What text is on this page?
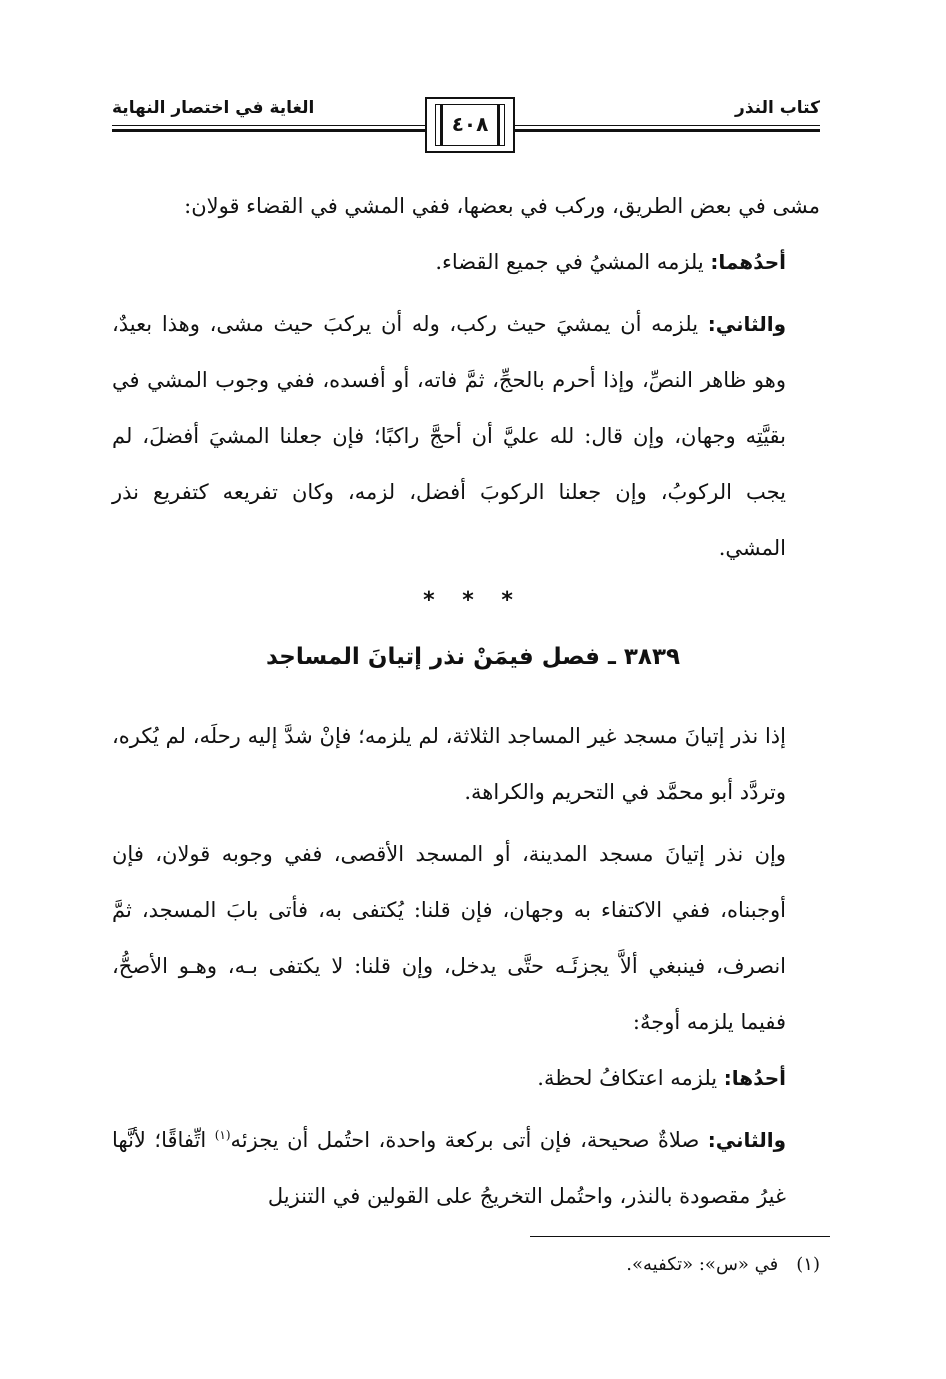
كتاب النذر
الغاية في اختصار النهاية
٤٠٨

مشى في بعض الطريق، وركب في بعضها، ففي المشي في القضاء قولان:

أحدُهما: يلزمه المشيُ في جميع القضاء.

والثاني: يلزمه أن يمشيَ حيث ركب، وله أن يركبَ حيث مشى، وهذا بعيدٌ، وهو ظاهر النصِّ، وإذا أحرم بالحجِّ، ثمَّ فاته، أو أفسده، ففي وجوب المشي في بقيَّتِه وجهان، وإن قال: لله عليَّ أن أحجَّ راكبًا؛ فإن جعلنا المشيَ أفضلَ، لم يجب الركوبُ، وإن جعلنا الركوبَ أفضل، لزمه، وكان تفريعه كتفريع نذر المشي.

* * *
٣٨٣٩ ـ فصل فيمَنْ نذر إتيانَ المساجد

إذا نذر إتيانَ مسجد غير المساجد الثلاثة، لم يلزمه؛ فإنْ شدَّ إليه رحلَه، لم يُكره، وتردَّد أبو محمَّد في التحريم والكراهة.

وإن نذر إتيانَ مسجد المدينة، أو المسجد الأقصى، ففي وجوبه قولان، فإن أوجبناه، ففي الاكتفاء به وجهان، فإن قلنا: يُكتفى به، فأتى بابَ المسجد، ثمَّ انصرف، فينبغي ألاَّ يجزئَـه حتَّى يدخل، وإن قلنا: لا يكتفى بـه، وهـو الأصحُّ، ففيما يلزمه أوجهٌ:

أحدُها: يلزمه اعتكافُ لحظة.

والثاني: صلاةٌ صحيحة، فإن أتى بركعة واحدة، احتُمل أن يجزئه$^{(١)}$ اتِّفاقًا؛ لأنَّها غيرُ مقصودة بالنذر، واحتُمل التخريجُ على القولين في التنزيل

(١)في «س»: «تكفيه».
